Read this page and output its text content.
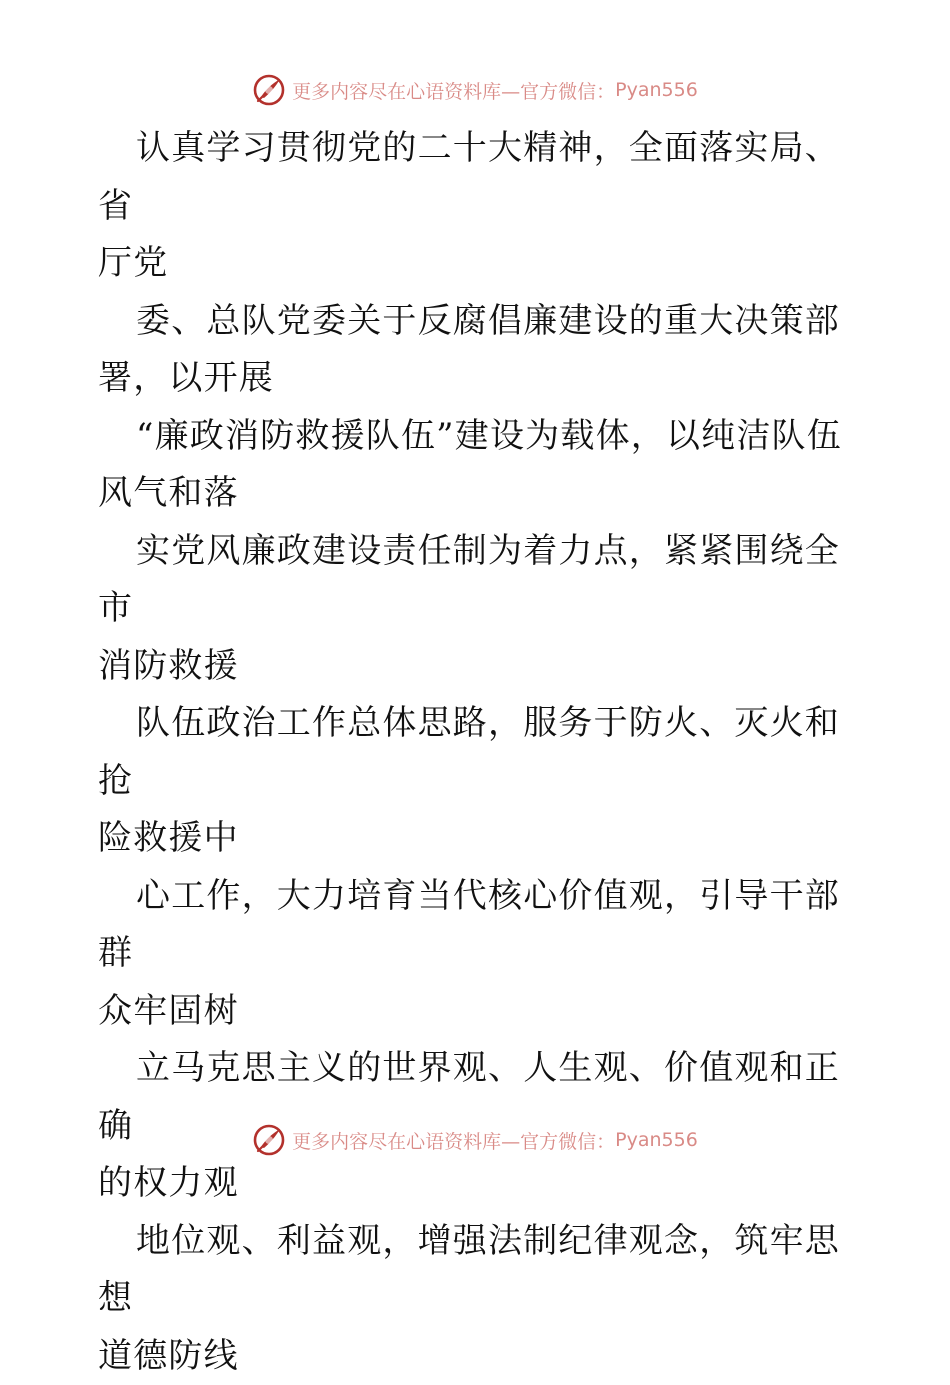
更多内容尽在心语资料库—官方微信： Pyan556

认真学习贯彻党的二十大精神，全面落实局、省
厅党

委、总队党委关于反腐倡廉建设的重大决策部
署，以开展

“廉政消防救援队伍”建设为载体，以纯洁队伍
风气和落

实党风廉政建设责任制为着力点，紧紧围绕全市
消防救援

队伍政治工作总体思路，服务于防火、灭火和抢
险救援中

心工作，大力培育当代核心价值观，引导干部群
众牢固树

立马克思主义的世界观、人生观、价值观和正确
的权力观

地位观、利益观，增强法制纪律观念，筑牢思想
道德防线

更多内容尽在心语资料库—官方微信： Pyan556
